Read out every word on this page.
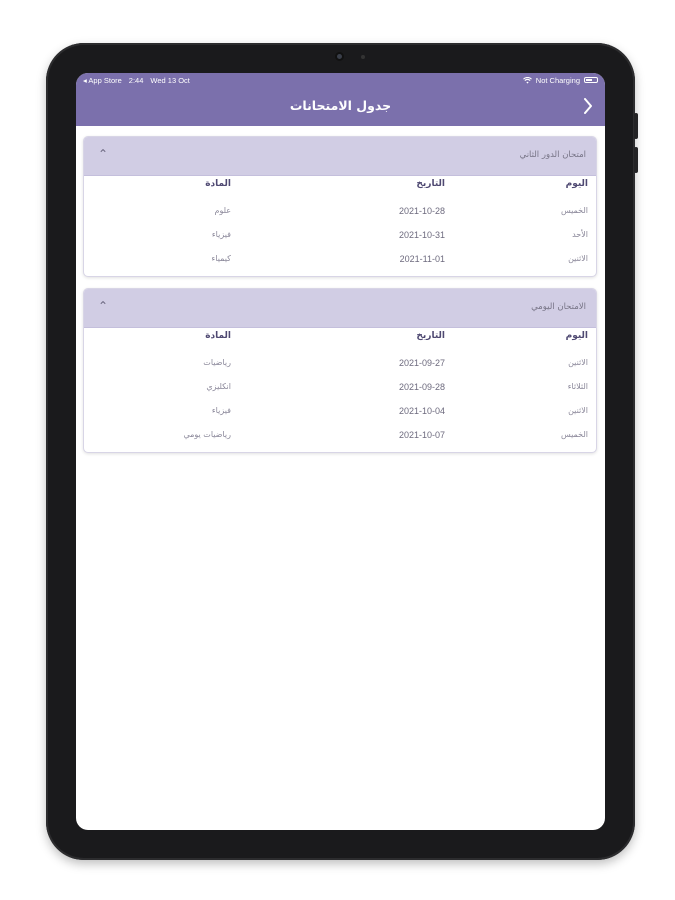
◂ App Store 2:44 Wed 13 Oct	Not Charging
جدول الامتحانات
امتحان الدور الثاني
⌃
اليوم
التاريخ
المادة
الخميس
2021-10-28
علوم
الأحد
2021-10-31
فيزياء
الاثنين
2021-11-01
كيمياء
الامتحان اليومي
⌃
اليوم
التاريخ
المادة
الاثنين
2021-09-27
رياضيات
الثلاثاء
2021-09-28
انكليزي
الاثنين
2021-10-04
فيزياء
الخميس
2021-10-07
رياضيات يومي
